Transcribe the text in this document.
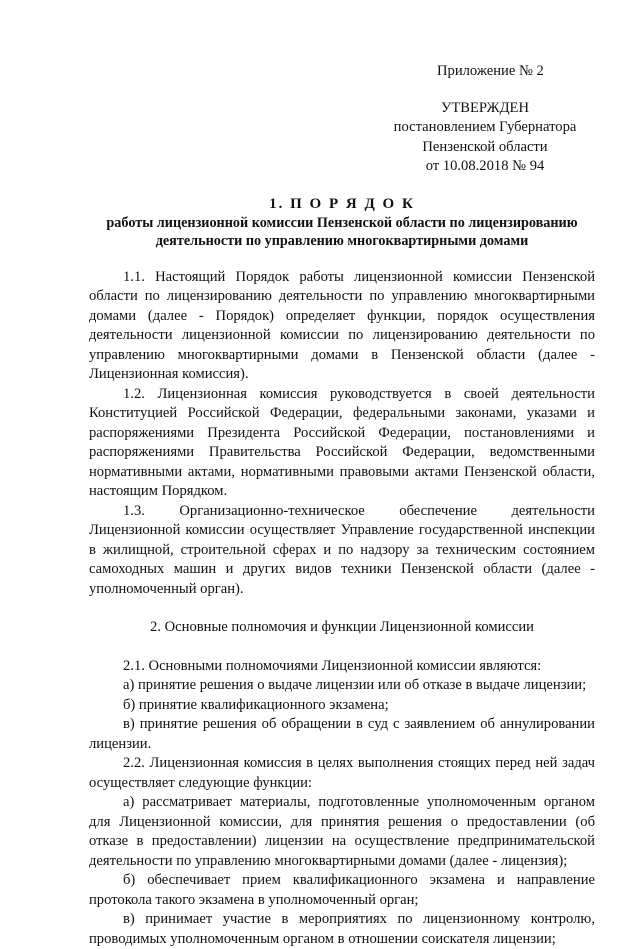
Приложение № 2
УТВЕРЖДЕН
постановлением Губернатора
Пензенской области
от 10.08.2018 № 94
1. П О Р Я Д О К
работы лицензионной комиссии Пензенской области по лицензированию
деятельности по управлению многоквартирными домами

1.1. Настоящий Порядок работы лицензионной комиссии Пензенской области по лицензированию деятельности по управлению многоквартирными домами (далее - Порядок) определяет функции, порядок осуществления деятельности лицензионной комиссии по лицензированию деятельности по управлению многоквартирными домами в Пензенской области (далее - Лицензионная комиссия).

1.2. Лицензионная комиссия руководствуется в своей деятельности Конституцией Российской Федерации, федеральными законами, указами и распоряжениями Президента Российской Федерации, постановлениями и распоряжениями Правительства Российской Федерации, ведомственными нормативными актами, нормативными правовыми актами Пензенской области, настоящим Порядком.

1.3. Организационно-техническое обеспечение деятельности Лицензионной комиссии осуществляет Управление государственной инспекции в жилищной, строительной сферах и по надзору за техническим состоянием самоходных машин и других видов техники Пензенской области (далее - уполномоченный орган).

2. Основные полномочия и функции Лицензионной комиссии

2.1. Основными полномочиями Лицензионной комиссии являются:

а) принятие решения о выдаче лицензии или об отказе в выдаче лицензии;

б) принятие квалификационного экзамена;

в) принятие решения об обращении в суд с заявлением об аннулировании лицензии.

2.2. Лицензионная комиссия в целях выполнения стоящих перед ней задач осуществляет следующие функции:

а) рассматривает материалы, подготовленные уполномоченным органом для Лицензионной комиссии, для принятия решения о предоставлении (об отказе в предоставлении) лицензии на осуществление предпринимательской деятельности по управлению многоквартирными домами (далее - лицензия);

б) обеспечивает прием квалификационного экзамена и направление протокола такого экзамена в уполномоченный орган;

в) принимает участие в мероприятиях по лицензионному контролю, проводимых уполномоченным органом в отношении соискателя лицензии;
